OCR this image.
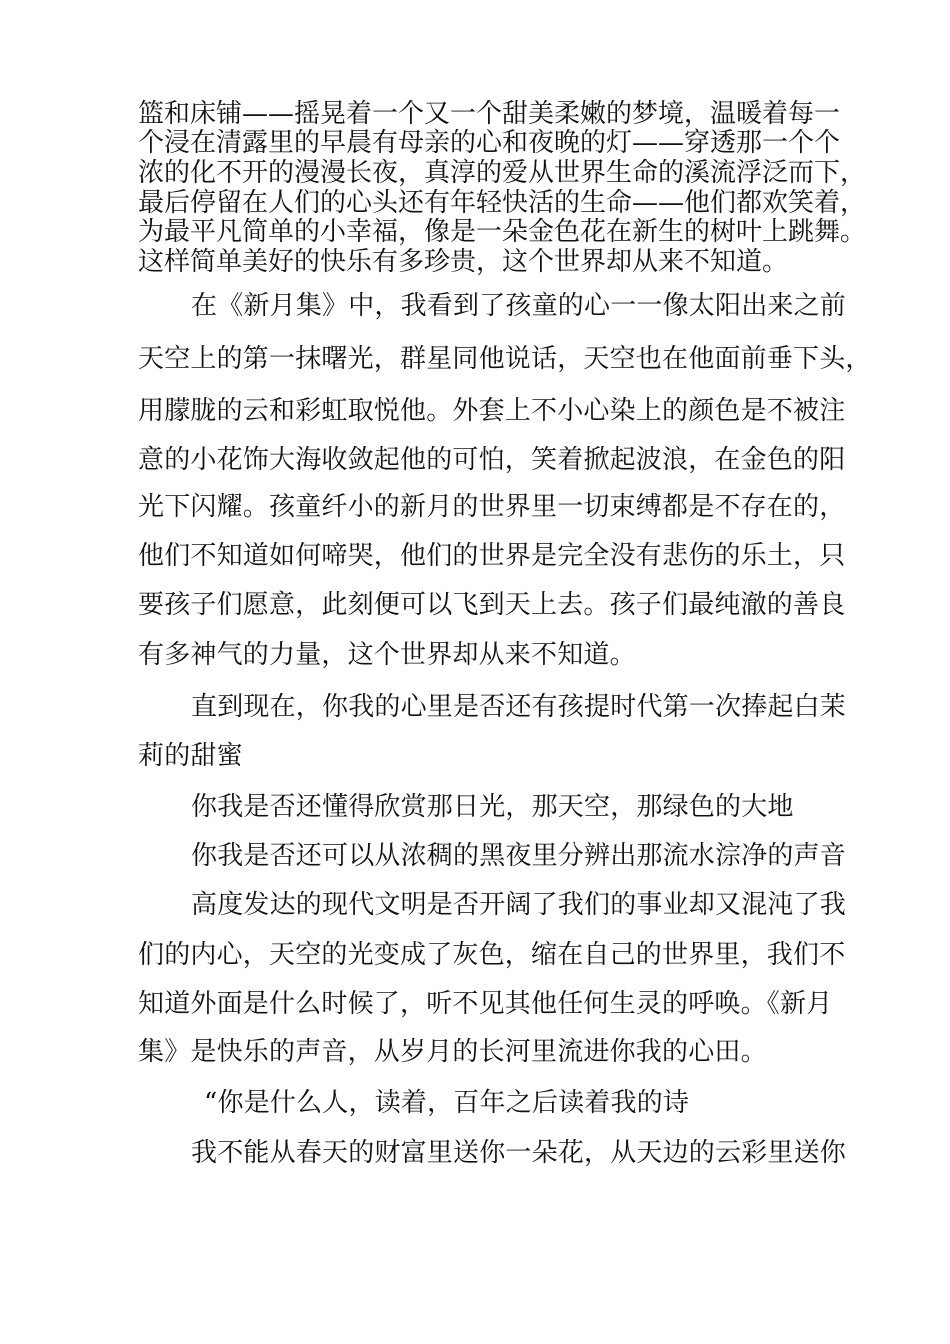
篮和床铺——摇晃着一个又一个甜美柔嫩的梦境，温暖着每一
个浸在清露里的早晨有母亲的心和夜晚的灯——穿透那一个个
浓的化不开的漫漫长夜，真淳的爱从世界生命的溪流浮泛而下，
最后停留在人们的心头还有年轻快活的生命——他们都欢笑着，
为最平凡简单的小幸福，像是一朵金色花在新生的树叶上跳舞。
这样简单美好的快乐有多珍贵，这个世界却从来不知道。
在《新月集》中，我看到了孩童的心一一像太阳出来之前
天空上的第一抹曙光，群星同他说话，天空也在他面前垂下头，
用朦胧的云和彩虹取悦他。外套上不小心染上的颜色是不被注
意的小花饰大海收敛起他的可怕，笑着掀起波浪，在金色的阳
光下闪耀。孩童纤小的新月的世界里一切束缚都是不存在的，
他们不知道如何啼哭，他们的世界是完全没有悲伤的乐土，只
要孩子们愿意，此刻便可以飞到天上去。孩子们最纯澈的善良
有多神气的力量，这个世界却从来不知道。
直到现在，你我的心里是否还有孩提时代第一次捧起白茉
莉的甜蜜
你我是否还懂得欣赏那日光，那天空，那绿色的大地
你我是否还可以从浓稠的黑夜里分辨出那流水淙净的声音
高度发达的现代文明是否开阔了我们的事业却又混沌了我
们的内心，天空的光变成了灰色，缩在自己的世界里，我们不
知道外面是什么时候了，听不见其他任何生灵的呼唤。《新月
集》是快乐的声音，从岁月的长河里流进你我的心田。
“你是什么人，读着，百年之后读着我的诗
我不能从春天的财富里送你一朵花，从天边的云彩里送你
